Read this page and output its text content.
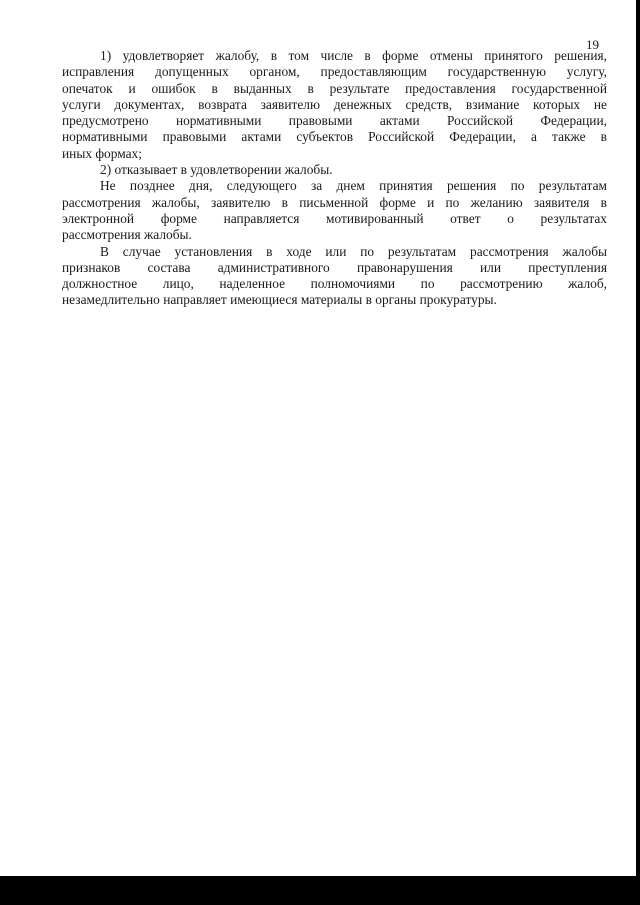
19
1) удовлетворяет жалобу, в том числе в форме отмены принятого решения,
исправления допущенных органом, предоставляющим государственную услугу,
опечаток и ошибок в выданных в результате предоставления государственной
услуги документах, возврата заявителю денежных средств, взимание которых не
предусмотрено нормативными правовыми актами Российской Федерации,
нормативными правовыми актами субъектов Российской Федерации, а также в
иных формах;
2) отказывает в удовлетворении жалобы.
Не позднее дня, следующего за днем принятия решения по результатам
рассмотрения жалобы, заявителю в письменной форме и по желанию заявителя в
электронной форме направляется мотивированный ответ о результатах
рассмотрения жалобы.
В случае установления в ходе или по результатам рассмотрения жалобы
признаков состава административного правонарушения или преступления
должностное лицо, наделенное полномочиями по рассмотрению жалоб,
незамедлительно направляет имеющиеся материалы в органы прокуратуры.
